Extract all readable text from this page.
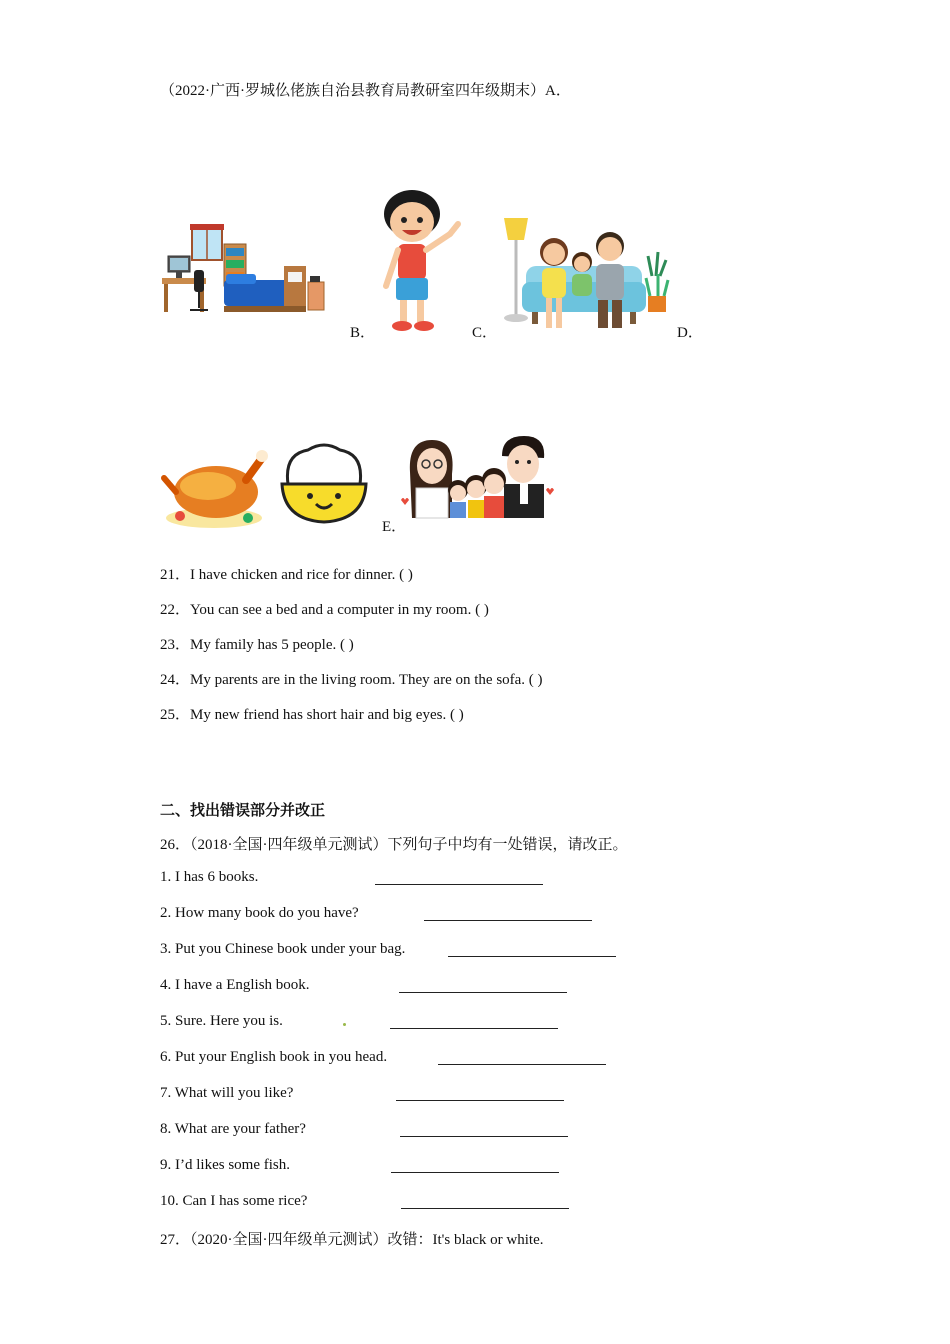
（2022·广西·罗城仫佬族自治县教育局教研室四年级期末）A．
B．	C．	D．
E．
21．I have chicken and rice for dinner. ( )
22．You can see a bed and a computer in my room. ( )
23．My family has 5 people. ( )
24．My parents are in the living room. They are on the sofa. ( )
25．My new friend has short hair and big eyes. ( )
二、找出错误部分并改正
26．（2018·全国·四年级单元测试）下列句子中均有一处错误，请改正。
1. I has 6 books.
2. How many book do you have?
3. Put you Chinese book under your bag.
4. I have a English book.
5. Sure. Here you is.
6. Put your English book in you head.
7. What will you like?
8. What are your father?
9. I’d likes some fish.
10. Can I has some rice?
27．（2020·全国·四年级单元测试）改错：It's black or white.
